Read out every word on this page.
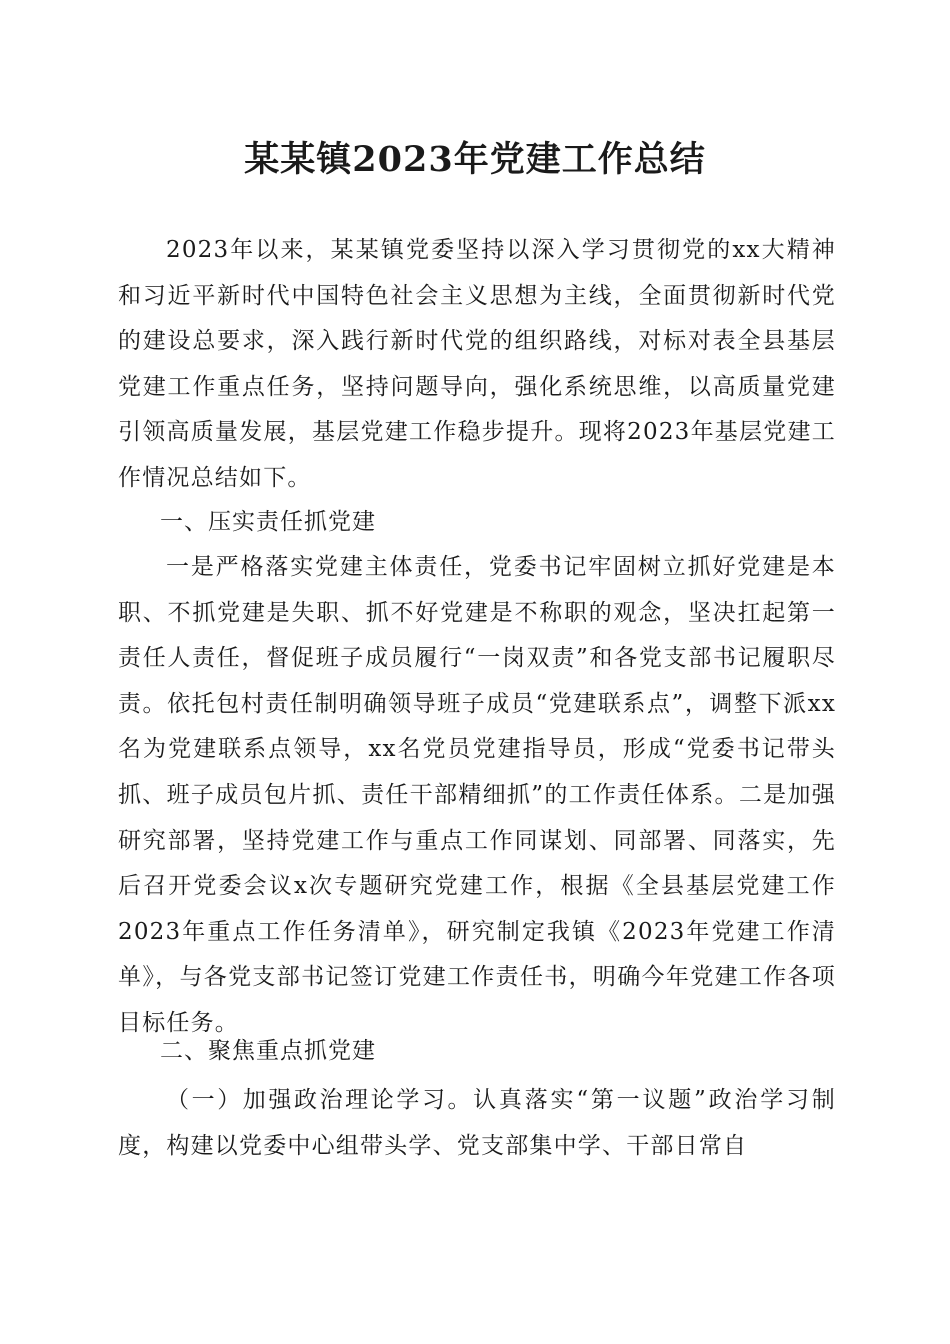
某某镇2023年党建工作总结

2023年以来，某某镇党委坚持以深入学习贯彻党的xx大精神和习近平新时代中国特色社会主义思想为主线，全面贯彻新时代党的建设总要求，深入践行新时代党的组织路线，对标对表全县基层党建工作重点任务，坚持问题导向，强化系统思维，以高质量党建引领高质量发展，基层党建工作稳步提升。现将2023年基层党建工作情况总结如下。

一、压实责任抓党建

一是严格落实党建主体责任，党委书记牢固树立抓好党建是本职、不抓党建是失职、抓不好党建是不称职的观念，坚决扛起第一责任人责任，督促班子成员履行“一岗双责”和各党支部书记履职尽责。依托包村责任制明确领导班子成员“党建联系点”，调整下派xx名为党建联系点领导，xx名党员党建指导员，形成“党委书记带头抓、班子成员包片抓、责任干部精细抓”的工作责任体系。二是加强研究部署，坚持党建工作与重点工作同谋划、同部署、同落实，先后召开党委会议x次专题研究党建工作，根据《全县基层党建工作2023年重点工作任务清单》，研究制定我镇《2023年党建工作清单》，与各党支部书记签订党建工作责任书，明确今年党建工作各项目标任务。

二、聚焦重点抓党建

（一）加强政治理论学习。认真落实“第一议题”政治学习制度，构建以党委中心组带头学、党支部集中学、干部日常自
